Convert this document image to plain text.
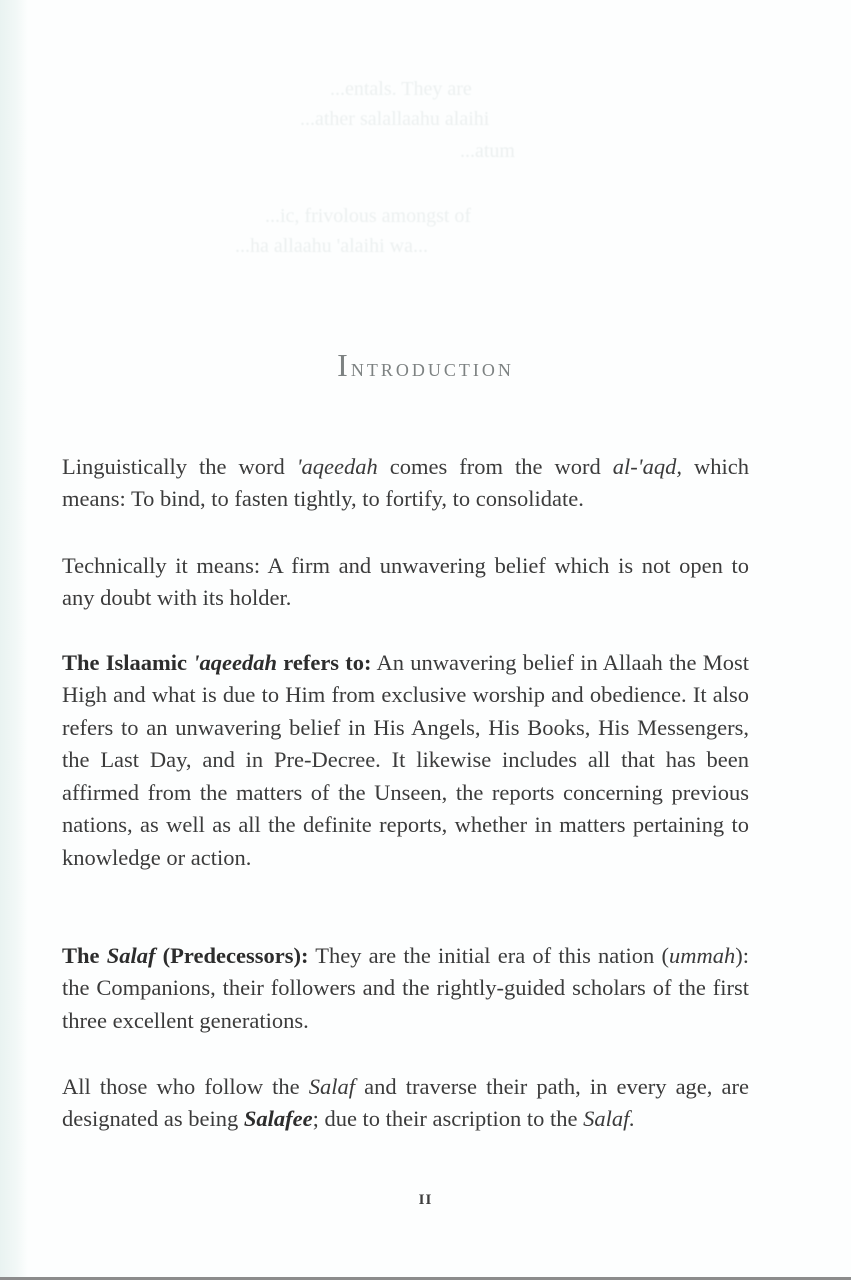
...entals. They are
...ather salallaahu alaihi
...atum
...ic, frivolous amongst of
...ha allaahu 'alaihi wa...
Introduction

Linguistically the word 'aqeedah comes from the word al-'aqd, which means: To bind, to fasten tightly, to fortify, to consolidate.

Technically it means: A firm and unwavering belief which is not open to any doubt with its holder.

The Islaamic 'aqeedah refers to: An unwavering belief in Allaah the Most High and what is due to Him from exclusive worship and obedience. It also refers to an unwavering belief in His Angels, His Books, His Messengers, the Last Day, and in Pre-Decree. It likewise includes all that has been affirmed from the matters of the Unseen, the reports concerning previous nations, as well as all the definite reports, whether in matters pertaining to knowledge or action.

The Salaf (Predecessors): They are the initial era of this nation (ummah): the Companions, their followers and the rightly-guided scholars of the first three excellent generations.

All those who follow the Salaf and traverse their path, in every age, are designated as being Salafee; due to their ascription to the Salaf.

II
